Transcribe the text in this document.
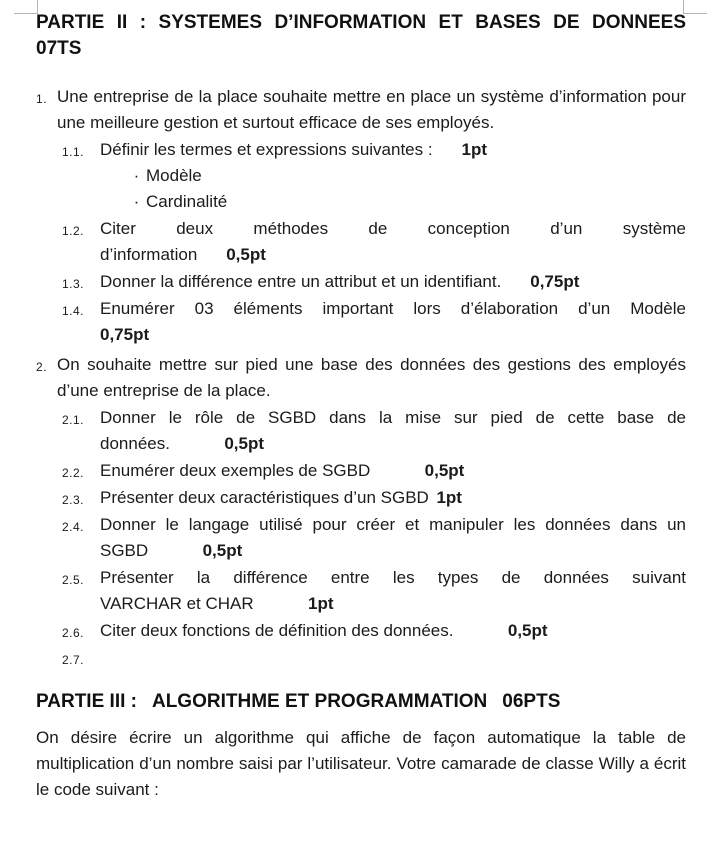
PARTIE II : SYSTEMES D’INFORMATION ET BASES DE DONNEES
07TS
1. Une entreprise de la place souhaite mettre en place un système d’information pour une meilleure gestion et surtout efficace de ses employés.
1.1. Définir les termes et expressions suivantes : 1pt
· Modèle
· Cardinalité
1.2. Citer deux méthodes de conception d’un système
d’information 0,5pt
1.3. Donner la différence entre un attribut et un identifiant. 0,75pt
1.4. Enumérer 03 éléments important lors d’élaboration d’un Modèle
0,75pt
2. On souhaite mettre sur pied une base des données des gestions des employés d’une entreprise de la place.
2.1. Donner le rôle de SGBD dans la mise sur pied de cette base de données.	0,5pt
2.2. Enumérer deux exemples de SGBD	0,5pt
2.3. Présenter deux caractéristiques d’un SGBD 1pt
2.4. Donner le langage utilisé pour créer et manipuler les données dans un SGBD	0,5pt
2.5. Présenter la différence entre les types de données suivant
VARCHAR et CHAR	1pt
2.6. Citer deux fonctions de définition des données.	0,5pt
2.7.
PARTIE III : ALGORITHME ET PROGRAMMATION 06PTS
On désire écrire un algorithme qui affiche de façon automatique la table de multiplication d’un nombre saisi par l’utilisateur. Votre camarade de classe Willy a écrit le code suivant :
